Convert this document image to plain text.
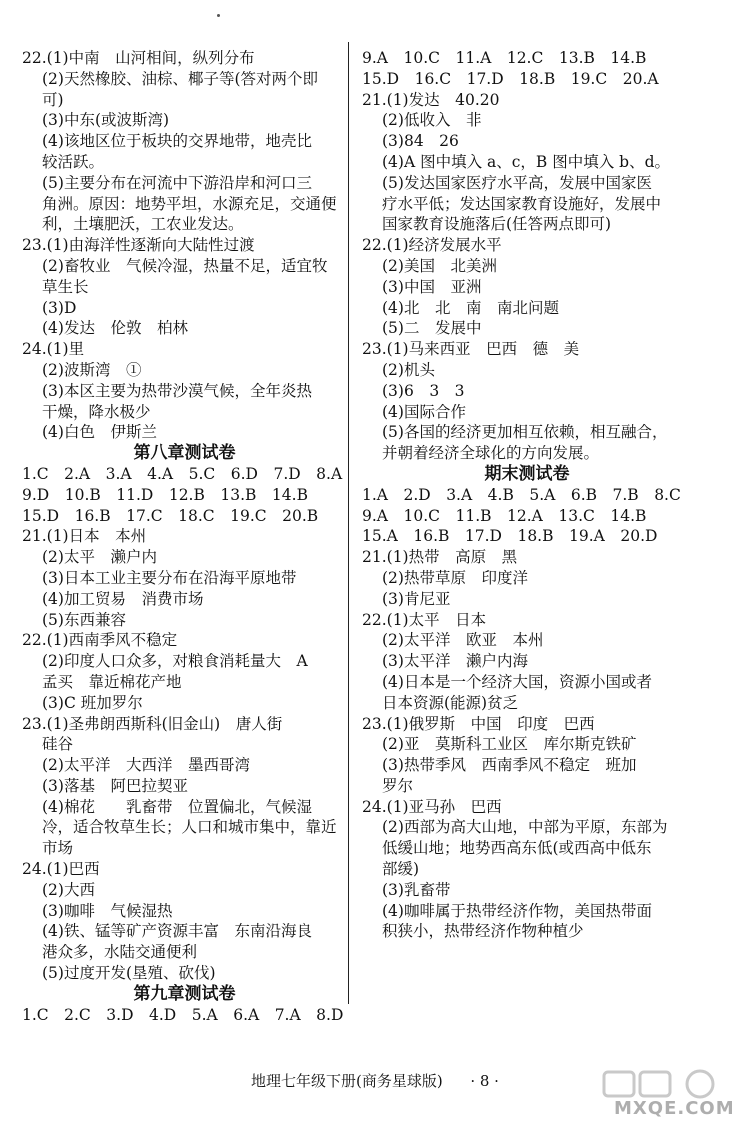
22.(1)中南　山河相间，纵列分布
(2)天然橡胶、油棕、椰子等(答对两个即
可)
(3)中东(或波斯湾)
(4)该地区位于板块的交界地带，地壳比
较活跃。
(5)主要分布在河流中下游沿岸和河口三
角洲。原因：地势平坦，水源充足，交通便
利，土壤肥沃，工农业发达。
23.(1)由海洋性逐渐向大陆性过渡
(2)畜牧业　气候冷湿，热量不足，适宜牧
草生长
(3)D
(4)发达　伦敦　柏林
24.(1)里
(2)波斯湾　①
(3)本区主要为热带沙漠气候，全年炎热
干燥，降水极少
(4)白色　伊斯兰
第八章测试卷
1.C　2.A　3.A　4.A　5.C　6.D　7.D　8.A
9.D　10.B　11.D　12.B　13.B　14.B
15.D　16.B　17.C　18.C　19.C　20.B
21.(1)日本　本州
(2)太平　濑户内
(3)日本工业主要分布在沿海平原地带
(4)加工贸易　消费市场
(5)东西兼容
22.(1)西南季风不稳定
(2)印度人口众多，对粮食消耗量大　A
孟买　靠近棉花产地
(3)C 班加罗尔
23.(1)圣弗朗西斯科(旧金山)　唐人街
硅谷
(2)太平洋　大西洋　墨西哥湾
(3)落基　阿巴拉契亚
(4)棉花　　乳畜带　位置偏北，气候湿
冷，适合牧草生长；人口和城市集中，靠近
市场
24.(1)巴西
(2)大西
(3)咖啡　气候湿热
(4)铁、锰等矿产资源丰富　东南沿海良
港众多，水陆交通便利
(5)过度开发(垦殖、砍伐)
第九章测试卷
1.C　2.C　3.D　4.D　5.A　6.A　7.A　8.D
9.A　10.C　11.A　12.C　13.B　14.B
15.D　16.C　17.D　18.B　19.C　20.A
21.(1)发达　40.20
(2)低收入　非
(3)84　26
(4)A 图中填入 a、c，B 图中填入 b、d。
(5)发达国家医疗水平高，发展中国家医
疗水平低；发达国家教育设施好，发展中
国家教育设施落后(任答两点即可)
22.(1)经济发展水平
(2)美国　北美洲
(3)中国　亚洲
(4)北　北　南　南北问题
(5)二　发展中
23.(1)马来西亚　巴西　德　美
(2)机头
(3)6　3　3
(4)国际合作
(5)各国的经济更加相互依赖，相互融合，
并朝着经济全球化的方向发展。
期末测试卷
1.A　2.D　3.A　4.B　5.A　6.B　7.B　8.C
9.A　10.C　11.B　12.A　13.C　14.B
15.A　16.B　17.D　18.B　19.A　20.D
21.(1)热带　高原　黑
(2)热带草原　印度洋
(3)肯尼亚
22.(1)太平　日本
(2)太平洋　欧亚　本州
(3)太平洋　濑户内海
(4)日本是一个经济大国，资源小国或者
日本资源(能源)贫乏
23.(1)俄罗斯　中国　印度　巴西
(2)亚　莫斯科工业区　库尔斯克铁矿
(3)热带季风　西南季风不稳定　班加
罗尔
24.(1)亚马孙　巴西
(2)西部为高大山地，中部为平原，东部为
低缓山地；地势西高东低(或西高中低东
部缓)
(3)乳畜带
(4)咖啡属于热带经济作物，美国热带面
积狭小，热带经济作物种植少
地理七年级下册(商务星球版) · 8 ·
MXQE.COM
